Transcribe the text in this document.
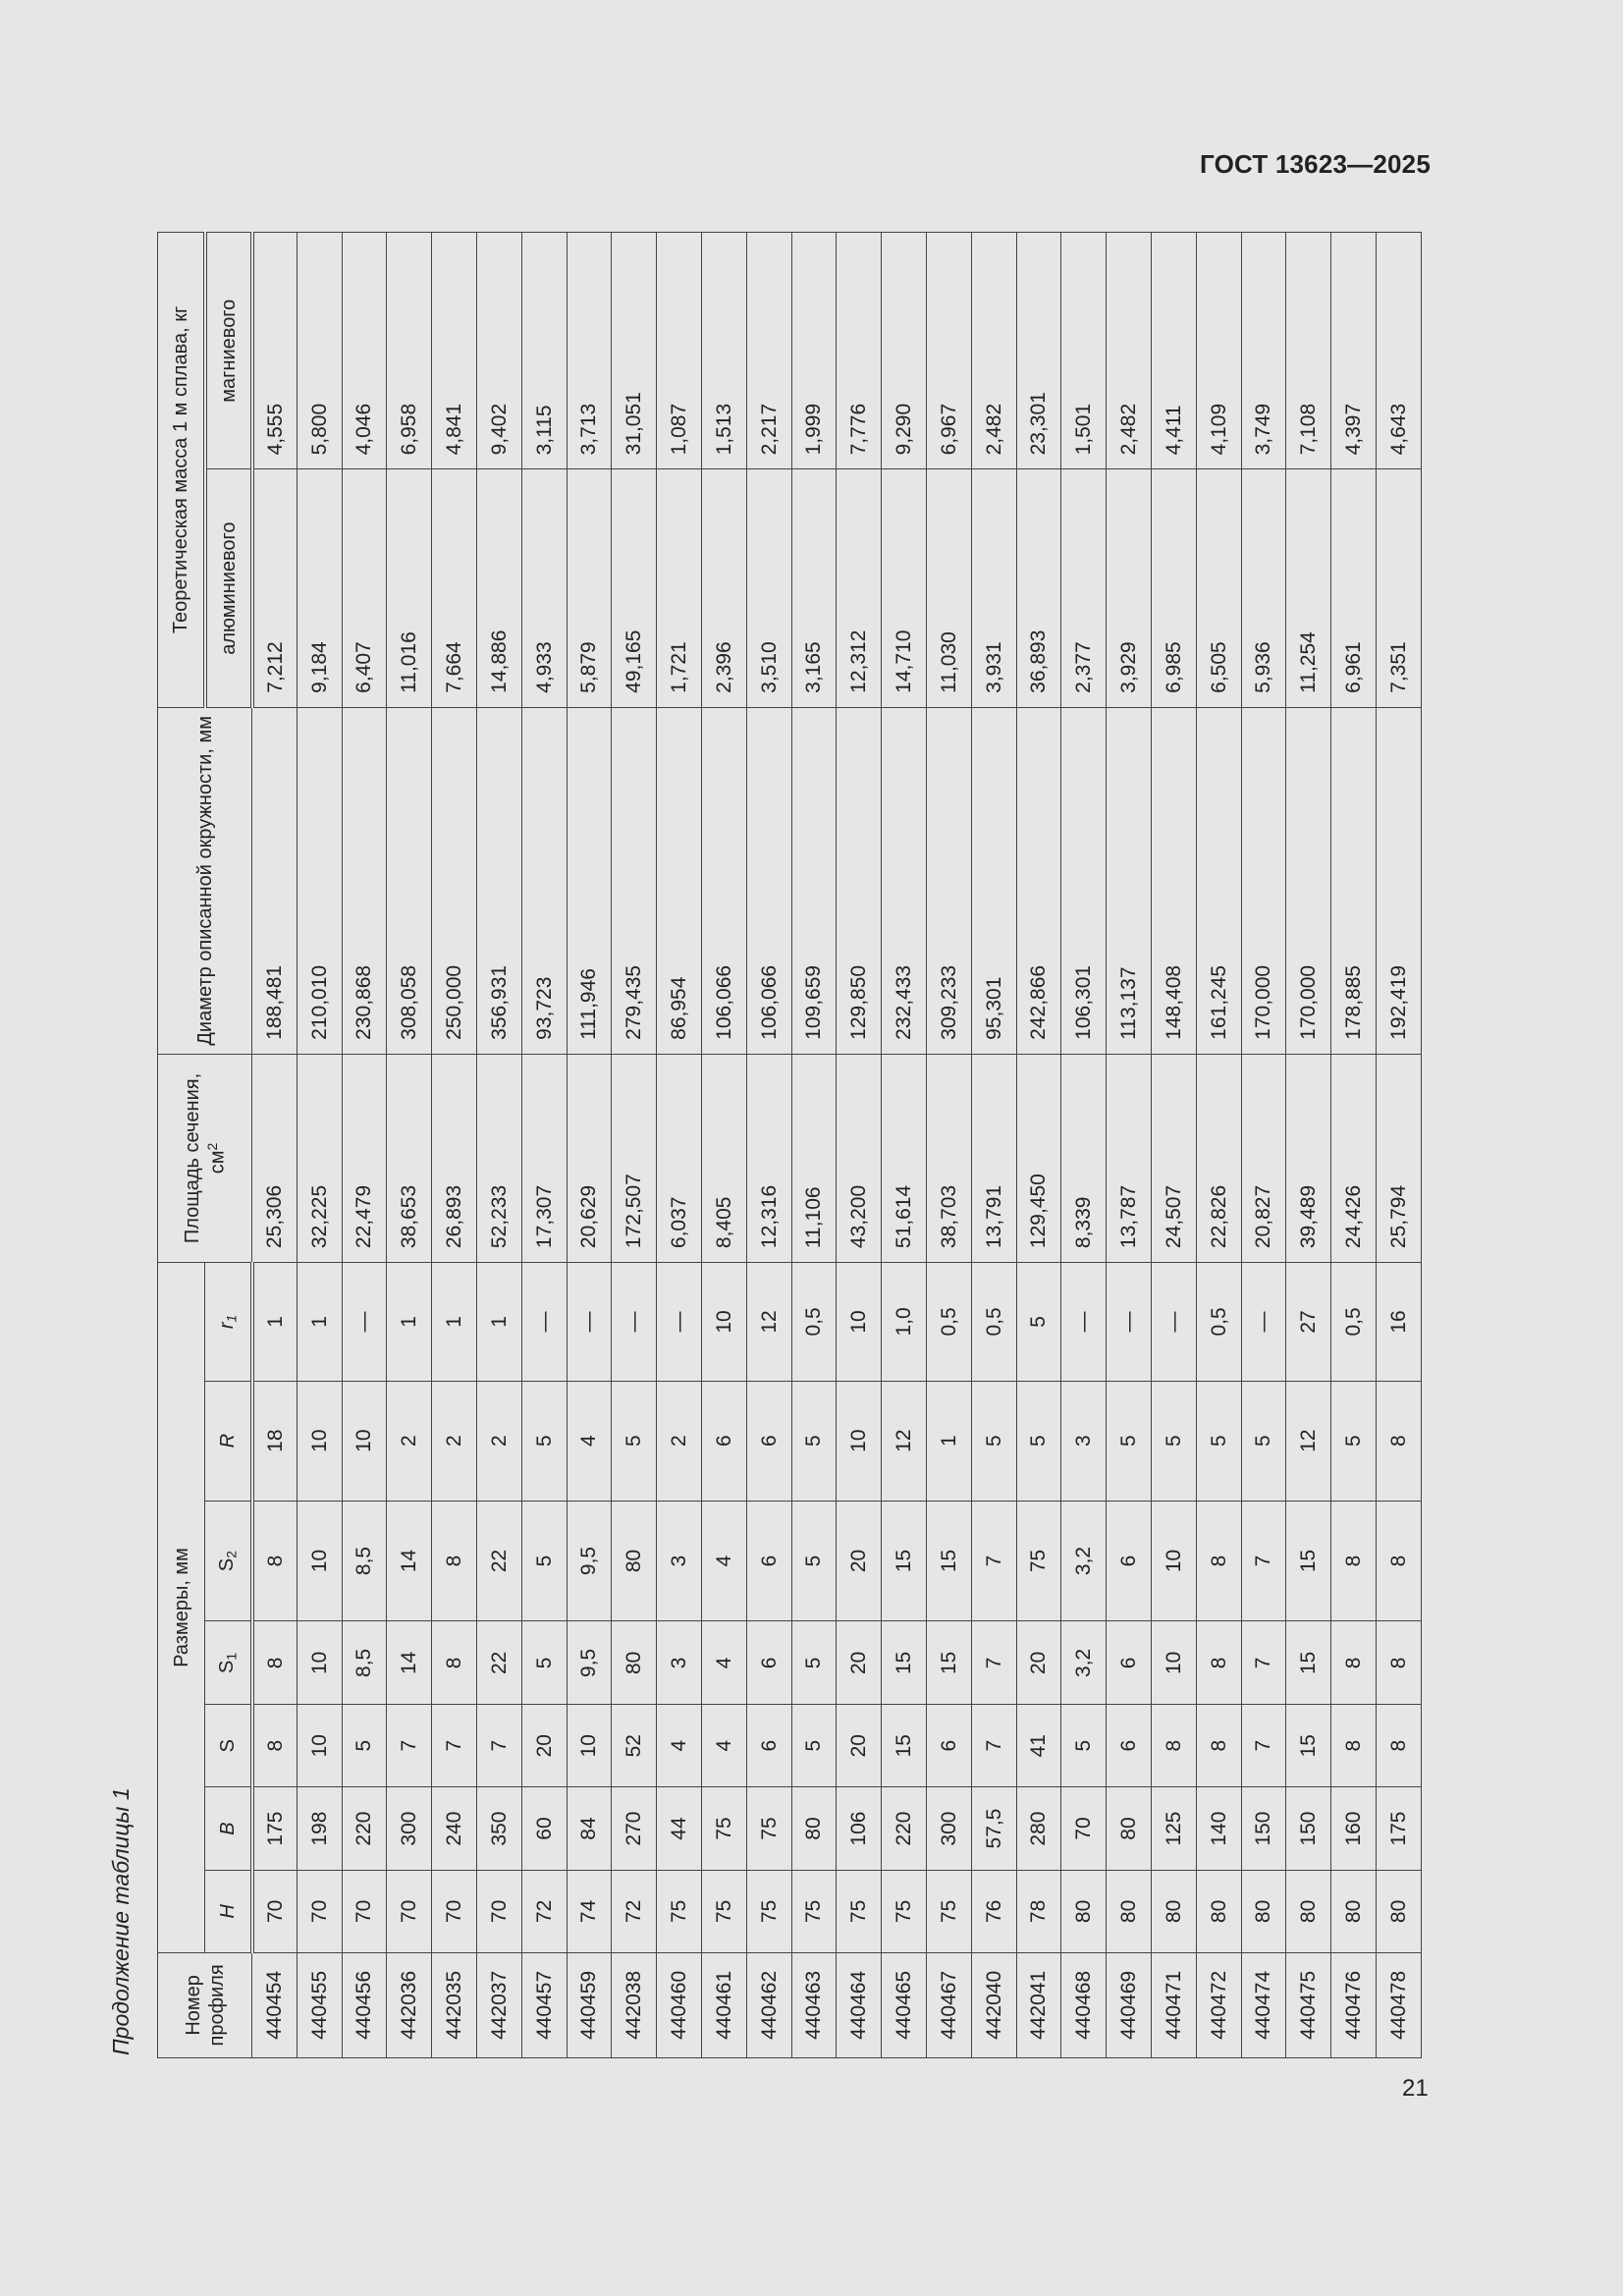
ГОСТ 13623—2025
Продолжение таблицы 1 Номер профиля	Размеры, мм							Площадь сечения, $см^2$	Диаметр описанной окружности, мм	Теоретическая масса 1 м сплава, кг	
	H	B	S	$S_1$	$S_2$	R	$r_1$			алюминиевого	магниевого
440454	70	175	8	8	8	18	1	25,306	188,481	7,212	4,555
440455	70	198	10	10	10	10	1	32,225	210,010	9,184	5,800
440456	70	220	5	8,5	8,5	10	—	22,479	230,868	6,407	4,046
442036	70	300	7	14	14	2	1	38,653	308,058	11,016	6,958
442035	70	240	7	8	8	2	1	26,893	250,000	7,664	4,841
442037	70	350	7	22	22	2	1	52,233	356,931	14,886	9,402
440457	72	60	20	5	5	5	—	17,307	93,723	4,933	3,115
440459	74	84	10	9,5	9,5	4	—	20,629	111,946	5,879	3,713
442038	72	270	52	80	80	5	—	172,507	279,435	49,165	31,051
440460	75	44	4	3	3	2	—	6,037	86,954	1,721	1,087
440461	75	75	4	4	4	6	10	8,405	106,066	2,396	1,513
440462	75	75	6	6	6	6	12	12,316	106,066	3,510	2,217
440463	75	80	5	5	5	5	0,5	11,106	109,659	3,165	1,999
440464	75	106	20	20	20	10	10	43,200	129,850	12,312	7,776
440465	75	220	15	15	15	12	1,0	51,614	232,433	14,710	9,290
440467	75	300	6	15	15	1	0,5	38,703	309,233	11,030	6,967
442040	76	57,5	7	7	7	5	0,5	13,791	95,301	3,931	2,482
442041	78	280	41	20	75	5	5	129,450	242,866	36,893	23,301
440468	80	70	5	3,2	3,2	3	—	8,339	106,301	2,377	1,501
440469	80	80	6	6	6	5	—	13,787	113,137	3,929	2,482
440471	80	125	8	10	10	5	—	24,507	148,408	6,985	4,411
440472	80	140	8	8	8	5	0,5	22,826	161,245	6,505	4,109
440474	80	150	7	7	7	5	—	20,827	170,000	5,936	3,749
440475	80	150	15	15	15	12	27	39,489	170,000	11,254	7,108
440476	80	160	8	8	8	5	0,5	24,426	178,885	6,961	4,397
440478	80	175	8	8	8	8	16	25,794	192,419	7,351	4,643
21
